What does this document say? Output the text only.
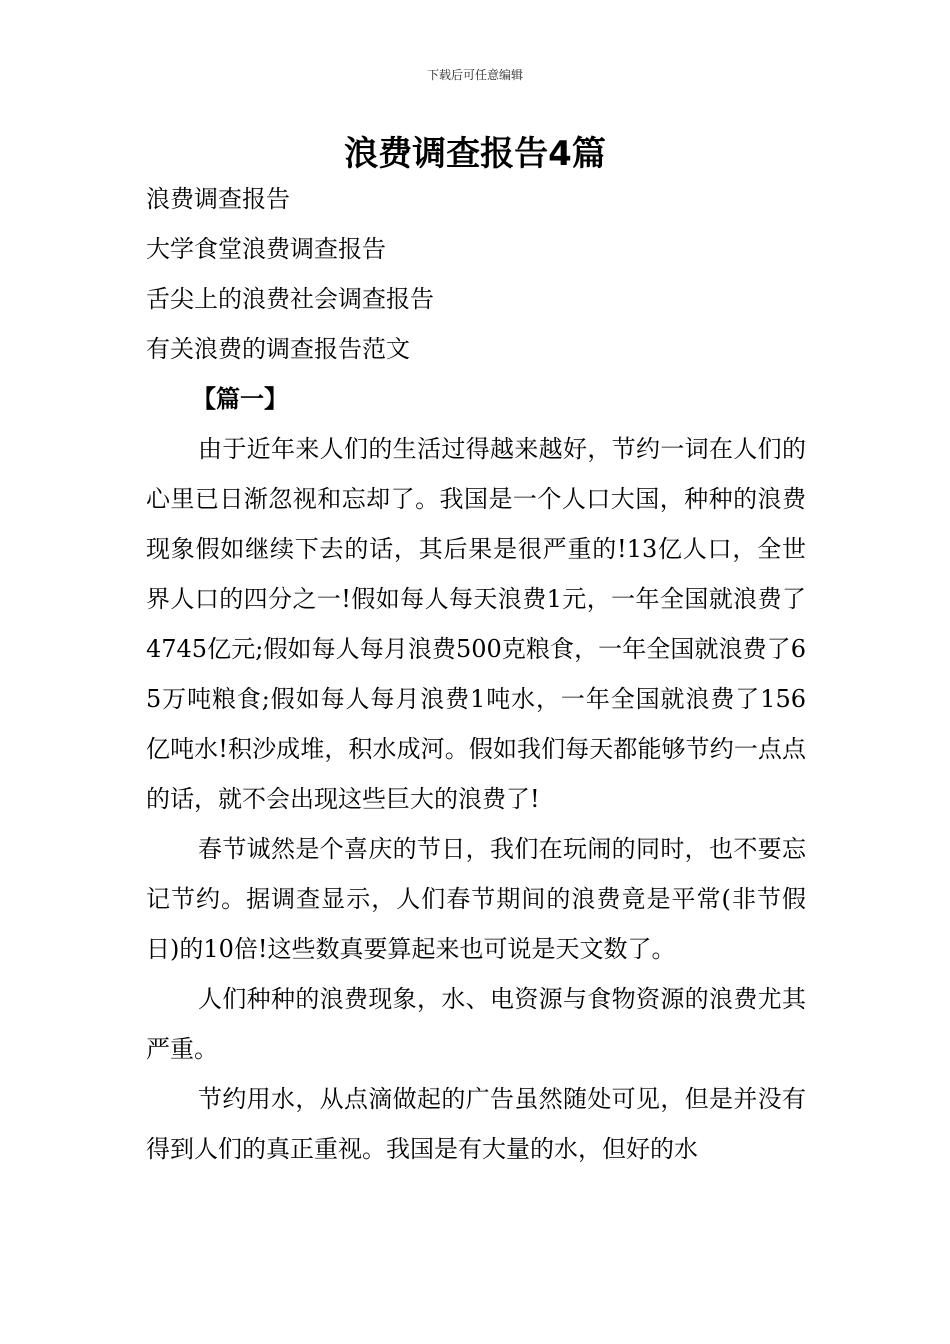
下载后可任意编辑
浪费调查报告4篇
浪费调查报告
大学食堂浪费调查报告
舌尖上的浪费社会调查报告
有关浪费的调查报告范文
【篇一】

由于近年来人们的生活过得越来越好，节约一词在人们的心里已日渐忽视和忘却了。我国是一个人口大国，种种的浪费现象假如继续下去的话，其后果是很严重的!13亿人口，全世界人口的四分之一!假如每人每天浪费1元，一年全国就浪费了4745亿元;假如每人每月浪费500克粮食，一年全国就浪费了65万吨粮食;假如每人每月浪费1吨水，一年全国就浪费了156亿吨水!积沙成堆，积水成河。假如我们每天都能够节约一点点的话，就不会出现这些巨大的浪费了!

春节诚然是个喜庆的节日，我们在玩闹的同时，也不要忘记节约。据调查显示，人们春节期间的浪费竟是平常(非节假日)的10倍!这些数真要算起来也可说是天文数了。

人们种种的浪费现象，水、电资源与食物资源的浪费尤其严重。

节约用水，从点滴做起的广告虽然随处可见，但是并没有得到人们的真正重视。我国是有大量的水，但好的水
